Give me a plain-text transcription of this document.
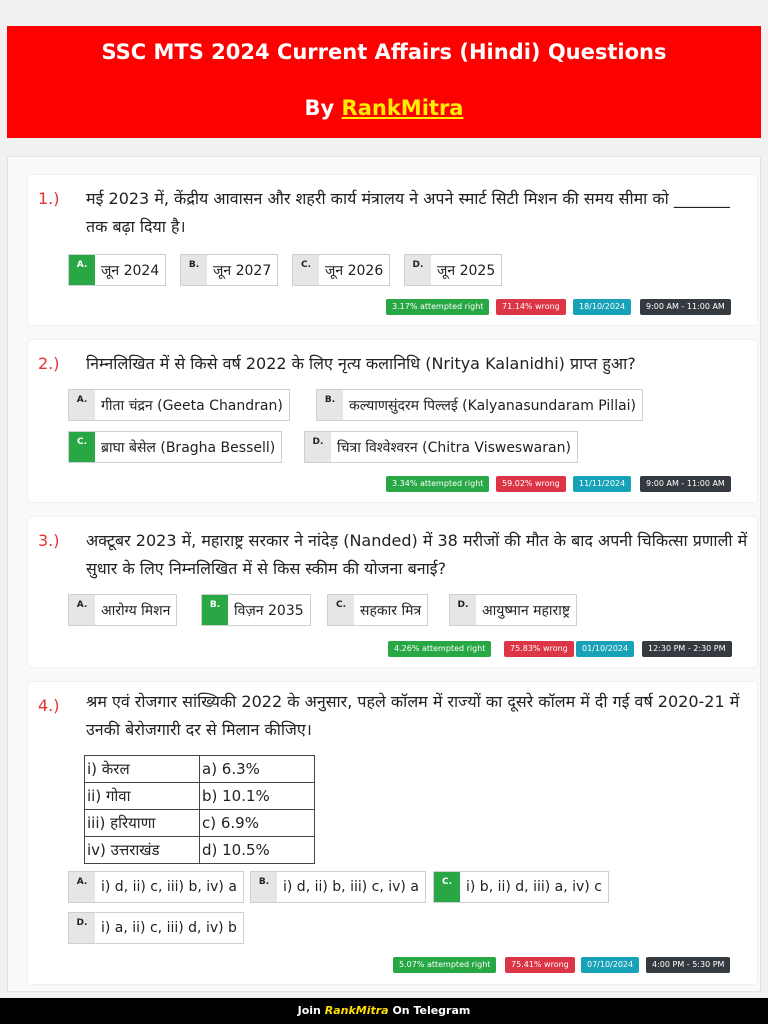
SSC MTS 2024 Current Affairs (Hindi) Questions
By RankMitra
1.) मई 2023 में, केंद्रीय आवासन और शहरी कार्य मंत्रालय ने अपने स्मार्ट सिटी मिशन की समय सीमा को _______ तक बढ़ा दिया है।
A. जून 2024	B. जून 2027	C. जून 2026	D. जून 2025
3.17% attempted right	71.14% wrong	18/10/2024	9:00 AM - 11:00 AM
2.) निम्नलिखित में से किसे वर्ष 2022 के लिए नृत्य कलानिधि (Nritya Kalanidhi) प्राप्त हुआ?
A. गीता चंद्रन (Geeta Chandran)	B. कल्याणसुंदरम पिल्लई (Kalyanasundaram Pillai)
C. ब्राघा बेसेल (Bragha Bessell)	D. चित्रा विश्वेश्वरन (Chitra Visweswaran)
3.34% attempted right	59.02% wrong	11/11/2024	9:00 AM - 11:00 AM
3.) अक्टूबर 2023 में, महाराष्ट्र सरकार ने नांदेड़ (Nanded) में 38 मरीजों की मौत के बाद अपनी चिकित्सा प्रणाली में सुधार के लिए निम्नलिखित में से किस स्कीम की योजना बनाई?
A. आरोग्य मिशन	B. विज़न 2035	C. सहकार मित्र	D. आयुष्मान महाराष्ट्र
4.26% attempted right	75.83% wrong	01/10/2024	12:30 PM - 2:30 PM
4.) श्रम एवं रोजगार सांख्यिकी 2022 के अनुसार, पहले कॉलम में राज्यों का दूसरे कॉलम में दी गई वर्ष 2020-21 में उनकी बेरोजगारी दर से मिलान कीजिए।
i) केरल	a) 6.3%
ii) गोवा	b) 10.1%
iii) हरियाणा	c) 6.9%
iv) उत्तराखंड	d) 10.5%
A. i) d, ii) c, iii) b, iv) a	B. i) d, ii) b, iii) c, iv) a	C. i) b, ii) d, iii) a, iv) c
D. i) a, ii) c, iii) d, iv) b
5.07% attempted right	75.41% wrong	07/10/2024	4:00 PM - 5:30 PM
Join RankMitra On Telegram
